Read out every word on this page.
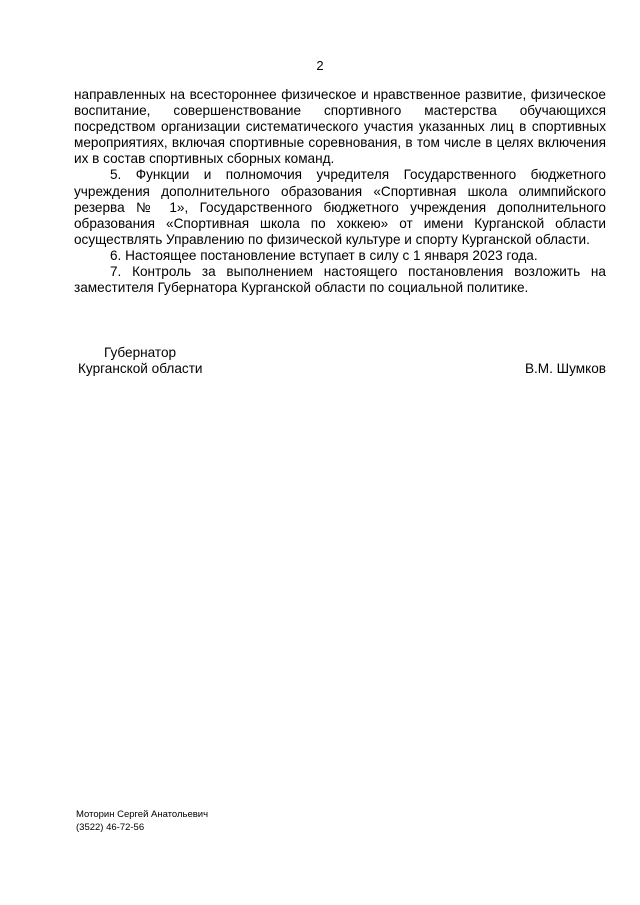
2

направленных на всестороннее физическое и нравственное развитие, физическое воспитание, совершенствование спортивного мастерства обучающихся посредством организации систематического участия указанных лиц в спортивных мероприятиях, включая спортивные соревнования, в том числе в целях включения их в состав спортивных сборных команд.

5. Функции и полномочия учредителя Государственного бюджетного учреждения дополнительного образования «Спортивная школа олимпийского резерва № 1», Государственного бюджетного учреждения дополнительного образования «Спортивная школа по хоккею» от имени Курганской области осуществлять Управлению по физической культуре и спорту Курганской области.

6. Настоящее постановление вступает в силу с 1 января 2023 года.

7. Контроль за выполнением настоящего постановления возложить на заместителя Губернатора Курганской области по социальной политике.

Губернатор
Курганской области	В.М. Шумков
Моторин Сергей Анатольевич
(3522) 46-72-56
